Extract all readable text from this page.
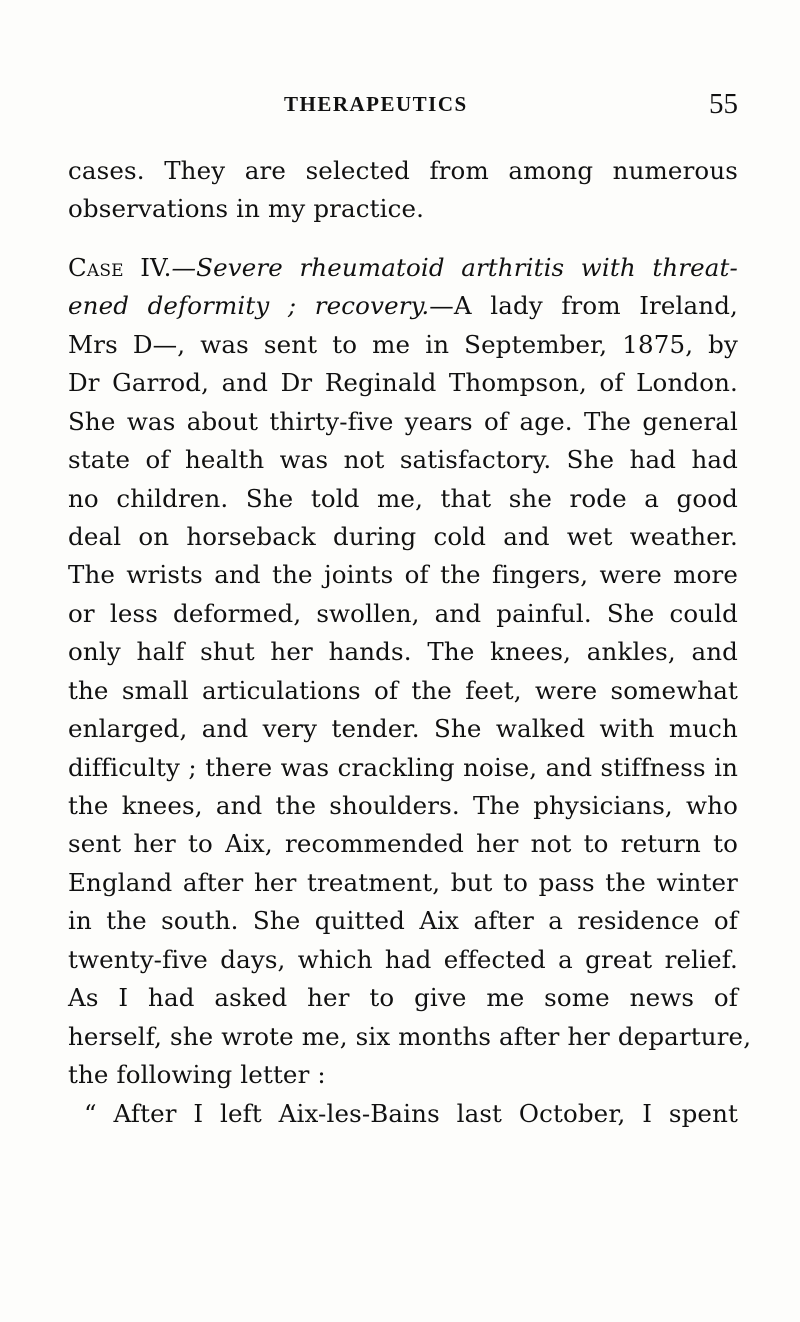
THERAPEUTICS	55
cases. They are selected from among numerous
observations in my practice.
Case IV.—Severe rheumatoid arthritis with threat-
ened deformity ; recovery.—A lady from Ireland,
Mrs D—, was sent to me in September, 1875, by
Dr Garrod, and Dr Reginald Thompson, of London.
She was about thirty-five years of age. The general
state of health was not satisfactory. She had had
no children. She told me, that she rode a good
deal on horseback during cold and wet weather.
The wrists and the joints of the fingers, were more
or less deformed, swollen, and painful. She could
only half shut her hands. The knees, ankles, and
the small articulations of the feet, were somewhat
enlarged, and very tender. She walked with much
difficulty ; there was crackling noise, and stiffness in
the knees, and the shoulders. The physicians, who
sent her to Aix, recommended her not to return to
England after her treatment, but to pass the winter
in the south. She quitted Aix after a residence of
twenty-five days, which had effected a great relief.
As I had asked her to give me some news of
herself, she wrote me, six months after her departure,
the following letter :
“ After I left Aix-les-Bains last October, I spent
